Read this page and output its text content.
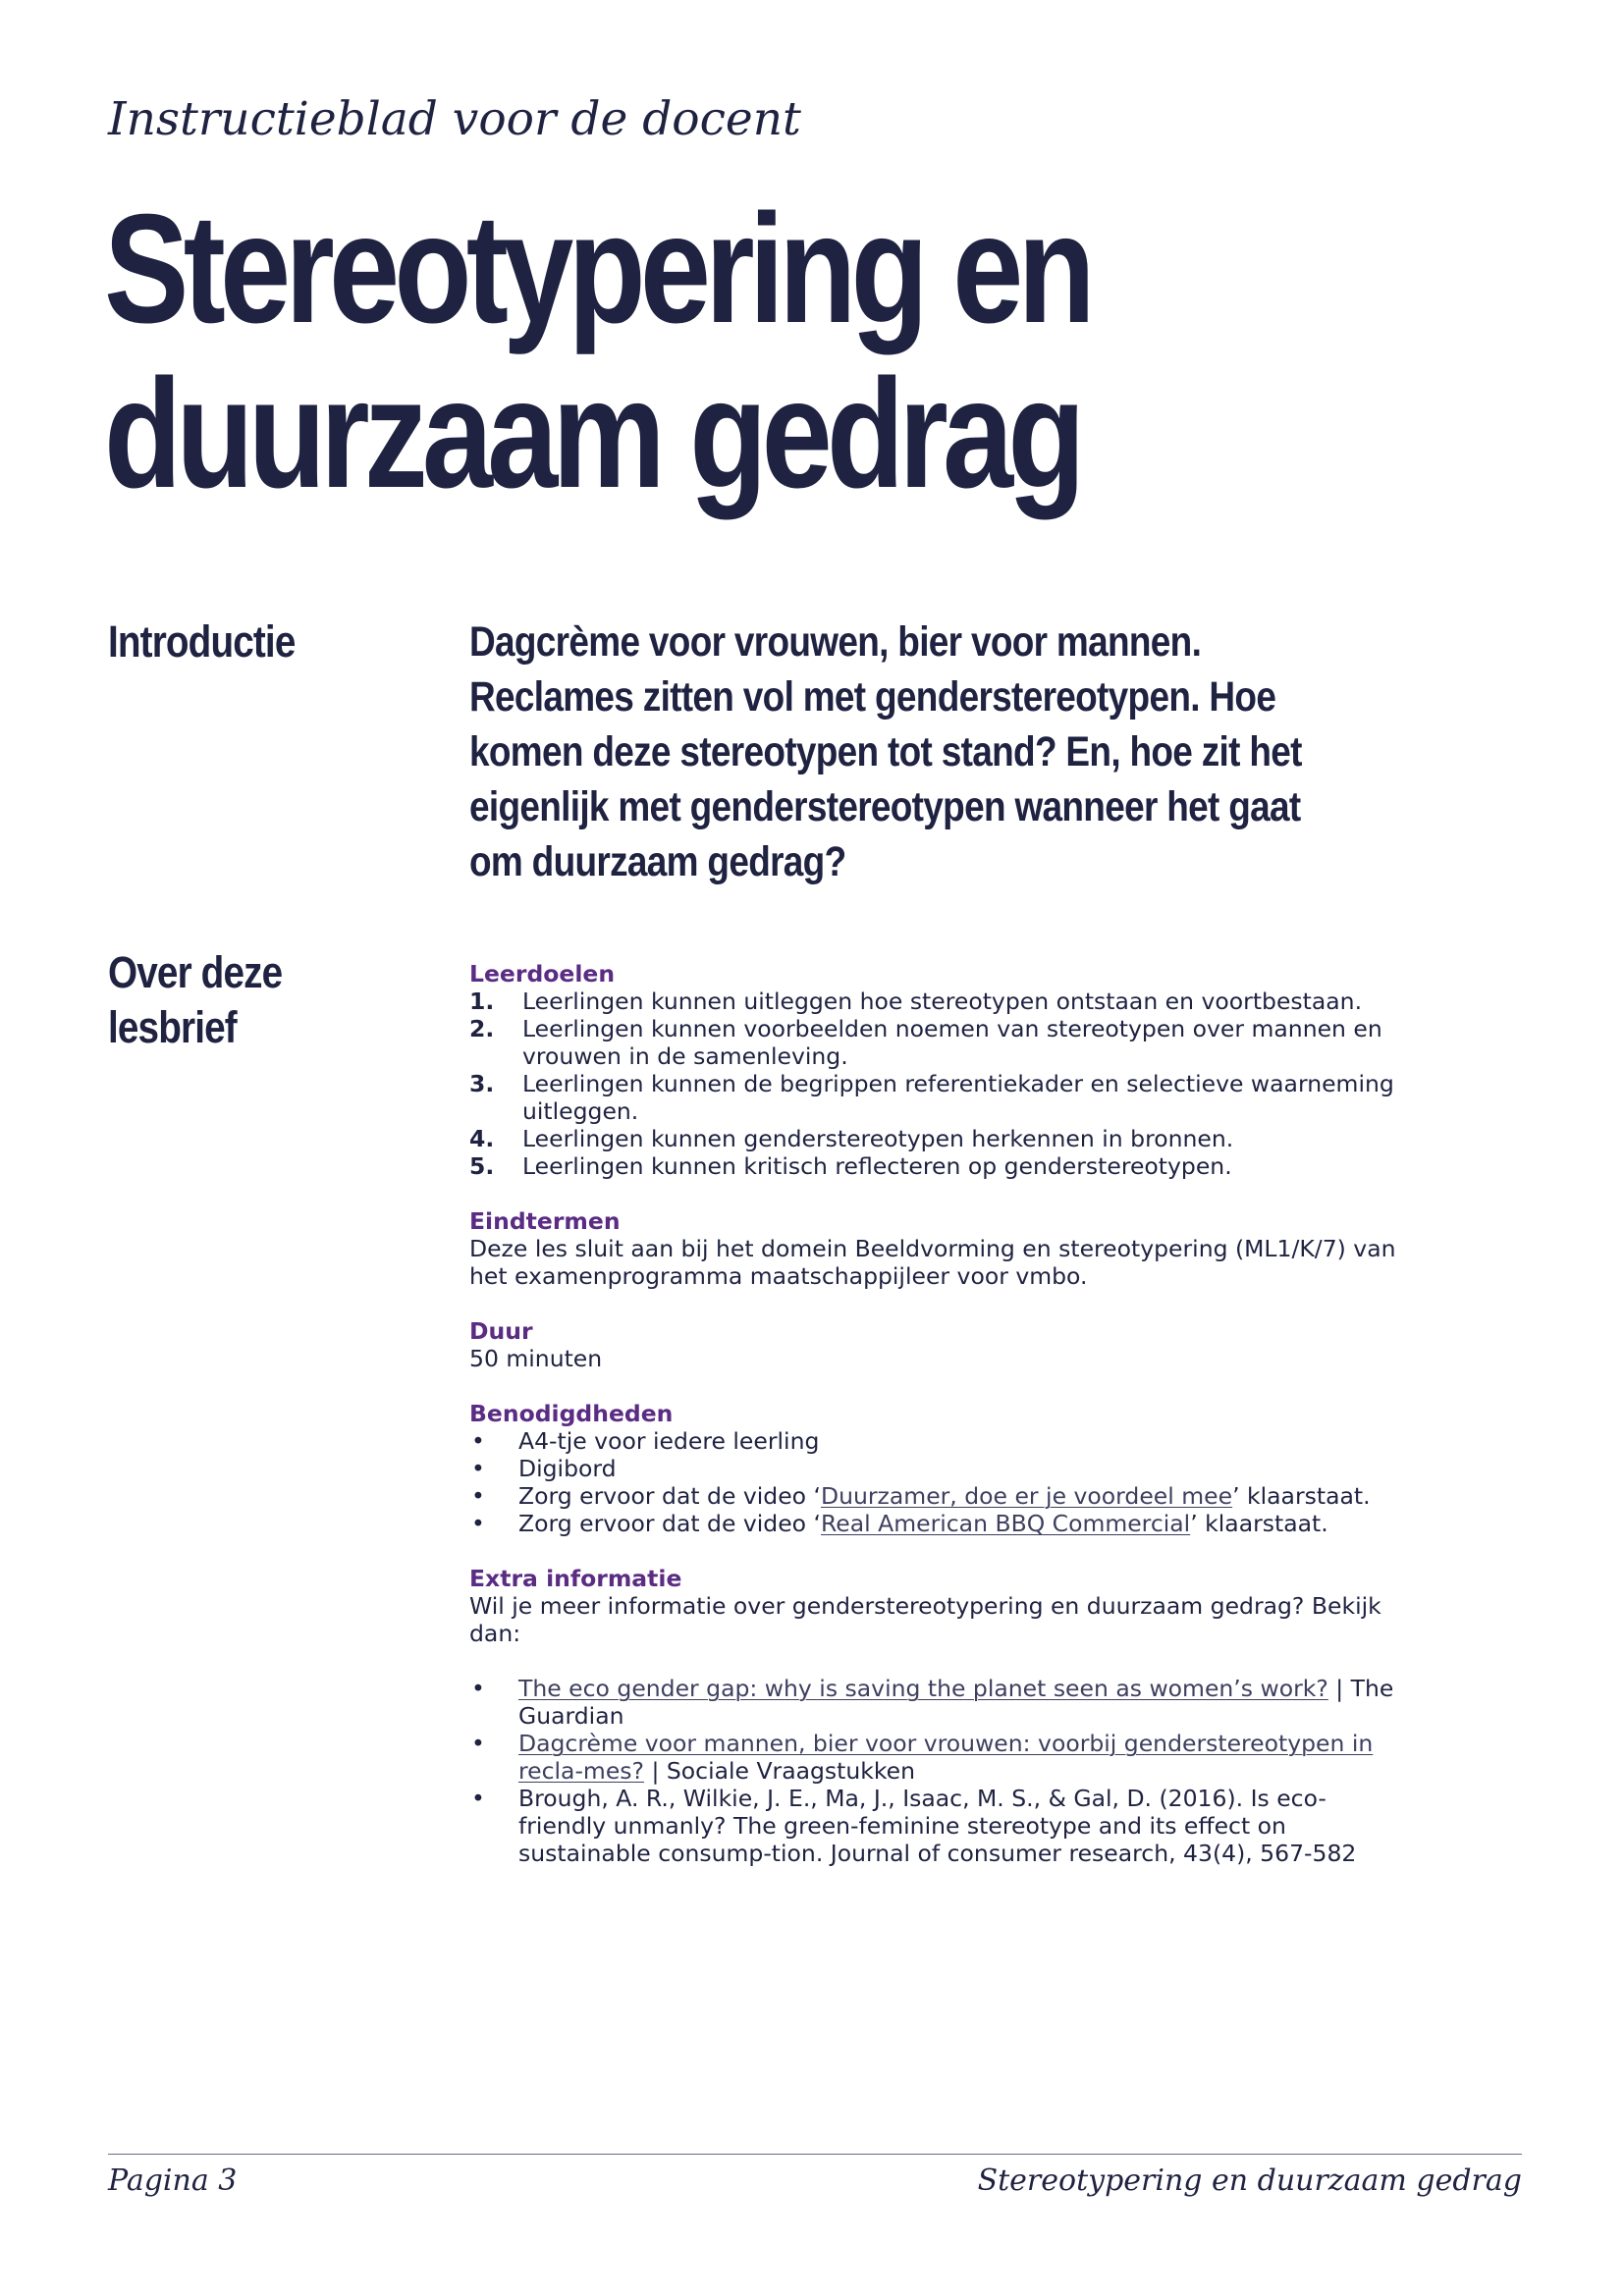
Instructieblad voor de docent

Stereotypering en
duurzaam gedrag
Introductie	Dagcrème voor vrouwen, bier voor mannen. Reclames zitten vol met genderstereotypen. Hoe komen deze stereotypen tot stand? En, hoe zit het eigenlijk met genderstereotypen wanneer het gaat om duurzaam gedrag?

Over deze
lesbrief
Leerdoelen
1. Leerlingen kunnen uitleggen hoe stereotypen ontstaan en voortbestaan.
2. Leerlingen kunnen voorbeelden noemen van stereotypen over mannen en vrouwen in de samenleving.
3. Leerlingen kunnen de begrippen referentiekader en selectieve waarneming uitleggen.
4. Leerlingen kunnen genderstereotypen herkennen in bronnen.
5. Leerlingen kunnen kritisch reflecteren op genderstereotypen.
Eindtermen

Deze les sluit aan bij het domein Beeldvorming en stereotypering (ML1/K/7) van het examenprogramma maatschappijleer voor vmbo.

Duur

50 minuten

Benodigdheden
• A4-tje voor iedere leerling
• Digibord
• Zorg ervoor dat de video ‘Duurzamer, doe er je voordeel mee’ klaarstaat.
• Zorg ervoor dat de video ‘Real American BBQ Commercial’ klaarstaat.
Extra informatie

Wil je meer informatie over genderstereotypering en duurzaam gedrag? Bekijk dan:

• The eco gender gap: why is saving the planet seen as women’s work? | The Guardian
• Dagcrème voor mannen, bier voor vrouwen: voorbij genderstereotypen in recla-mes? | Sociale Vraagstukken
• Brough, A. R., Wilkie, J. E., Ma, J., Isaac, M. S., & Gal, D. (2016). Is eco-friendly unmanly? The green-feminine stereotype and its effect on sustainable consump-tion. Journal of consumer research, 43(4), 567-582
Pagina 3	Stereotypering en duurzaam gedrag
